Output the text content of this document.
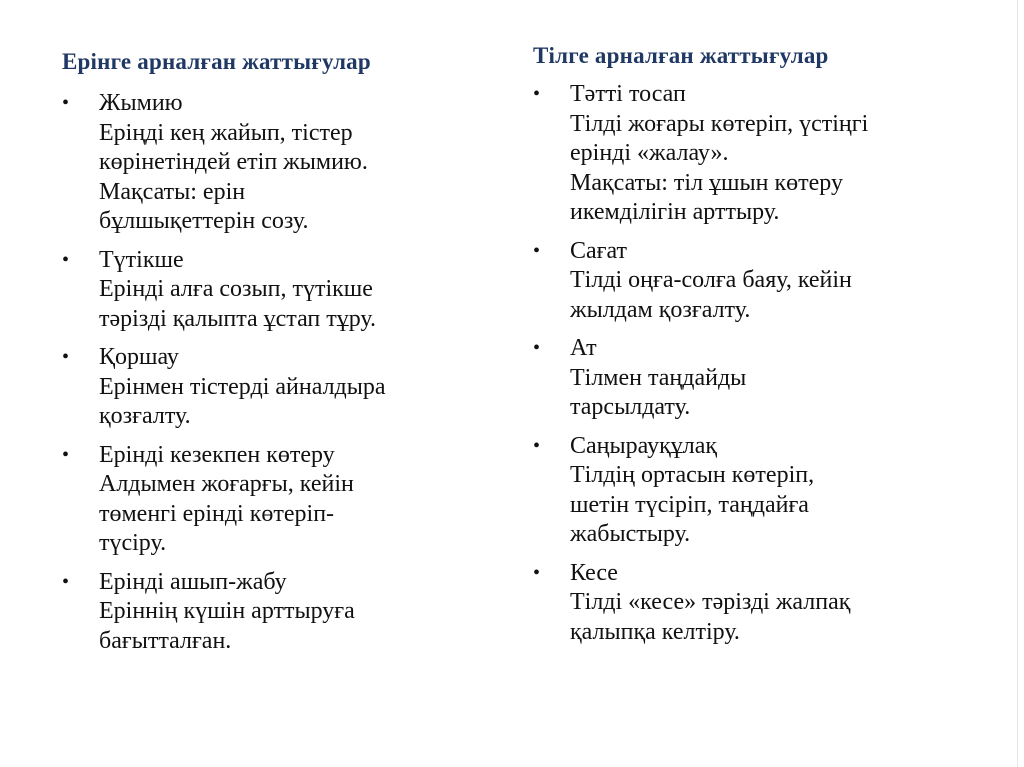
Ерінге арналған жаттығулар
• Жымию
Еріңді кең жайып, тістер
көрінетіндей етіп жымию.
Мақсаты: ерін
бұлшықеттерін созу.
• Түтікше
Ерінді алға созып, түтікше
тәрізді қалыпта ұстап тұру.
• Қоршау
Ерінмен тістерді айналдыра
қозғалту.
• Ерінді кезекпен көтеру
Алдымен жоғарғы, кейін
төменгі ерінді көтеріп-
түсіру.
• Ерінді ашып-жабу
Еріннің күшін арттыруға
бағытталған.
Тілге арналған жаттығулар
• Тәтті тосап
Тілді жоғары көтеріп, үстіңгі
ерінді «жалау».
Мақсаты: тіл ұшын көтеру
икемділігін арттыру.
• Сағат
Тілді оңға-солға баяу, кейін
жылдам қозғалту.
• Ат
Тілмен таңдайды
тарсылдату.
• Саңырауқұлақ
Тілдің ортасын көтеріп,
шетін түсіріп, таңдайға
жабыстыру.
• Кесе
Тілді «кесе» тәрізді жалпақ
қалыпқа келтіру.
